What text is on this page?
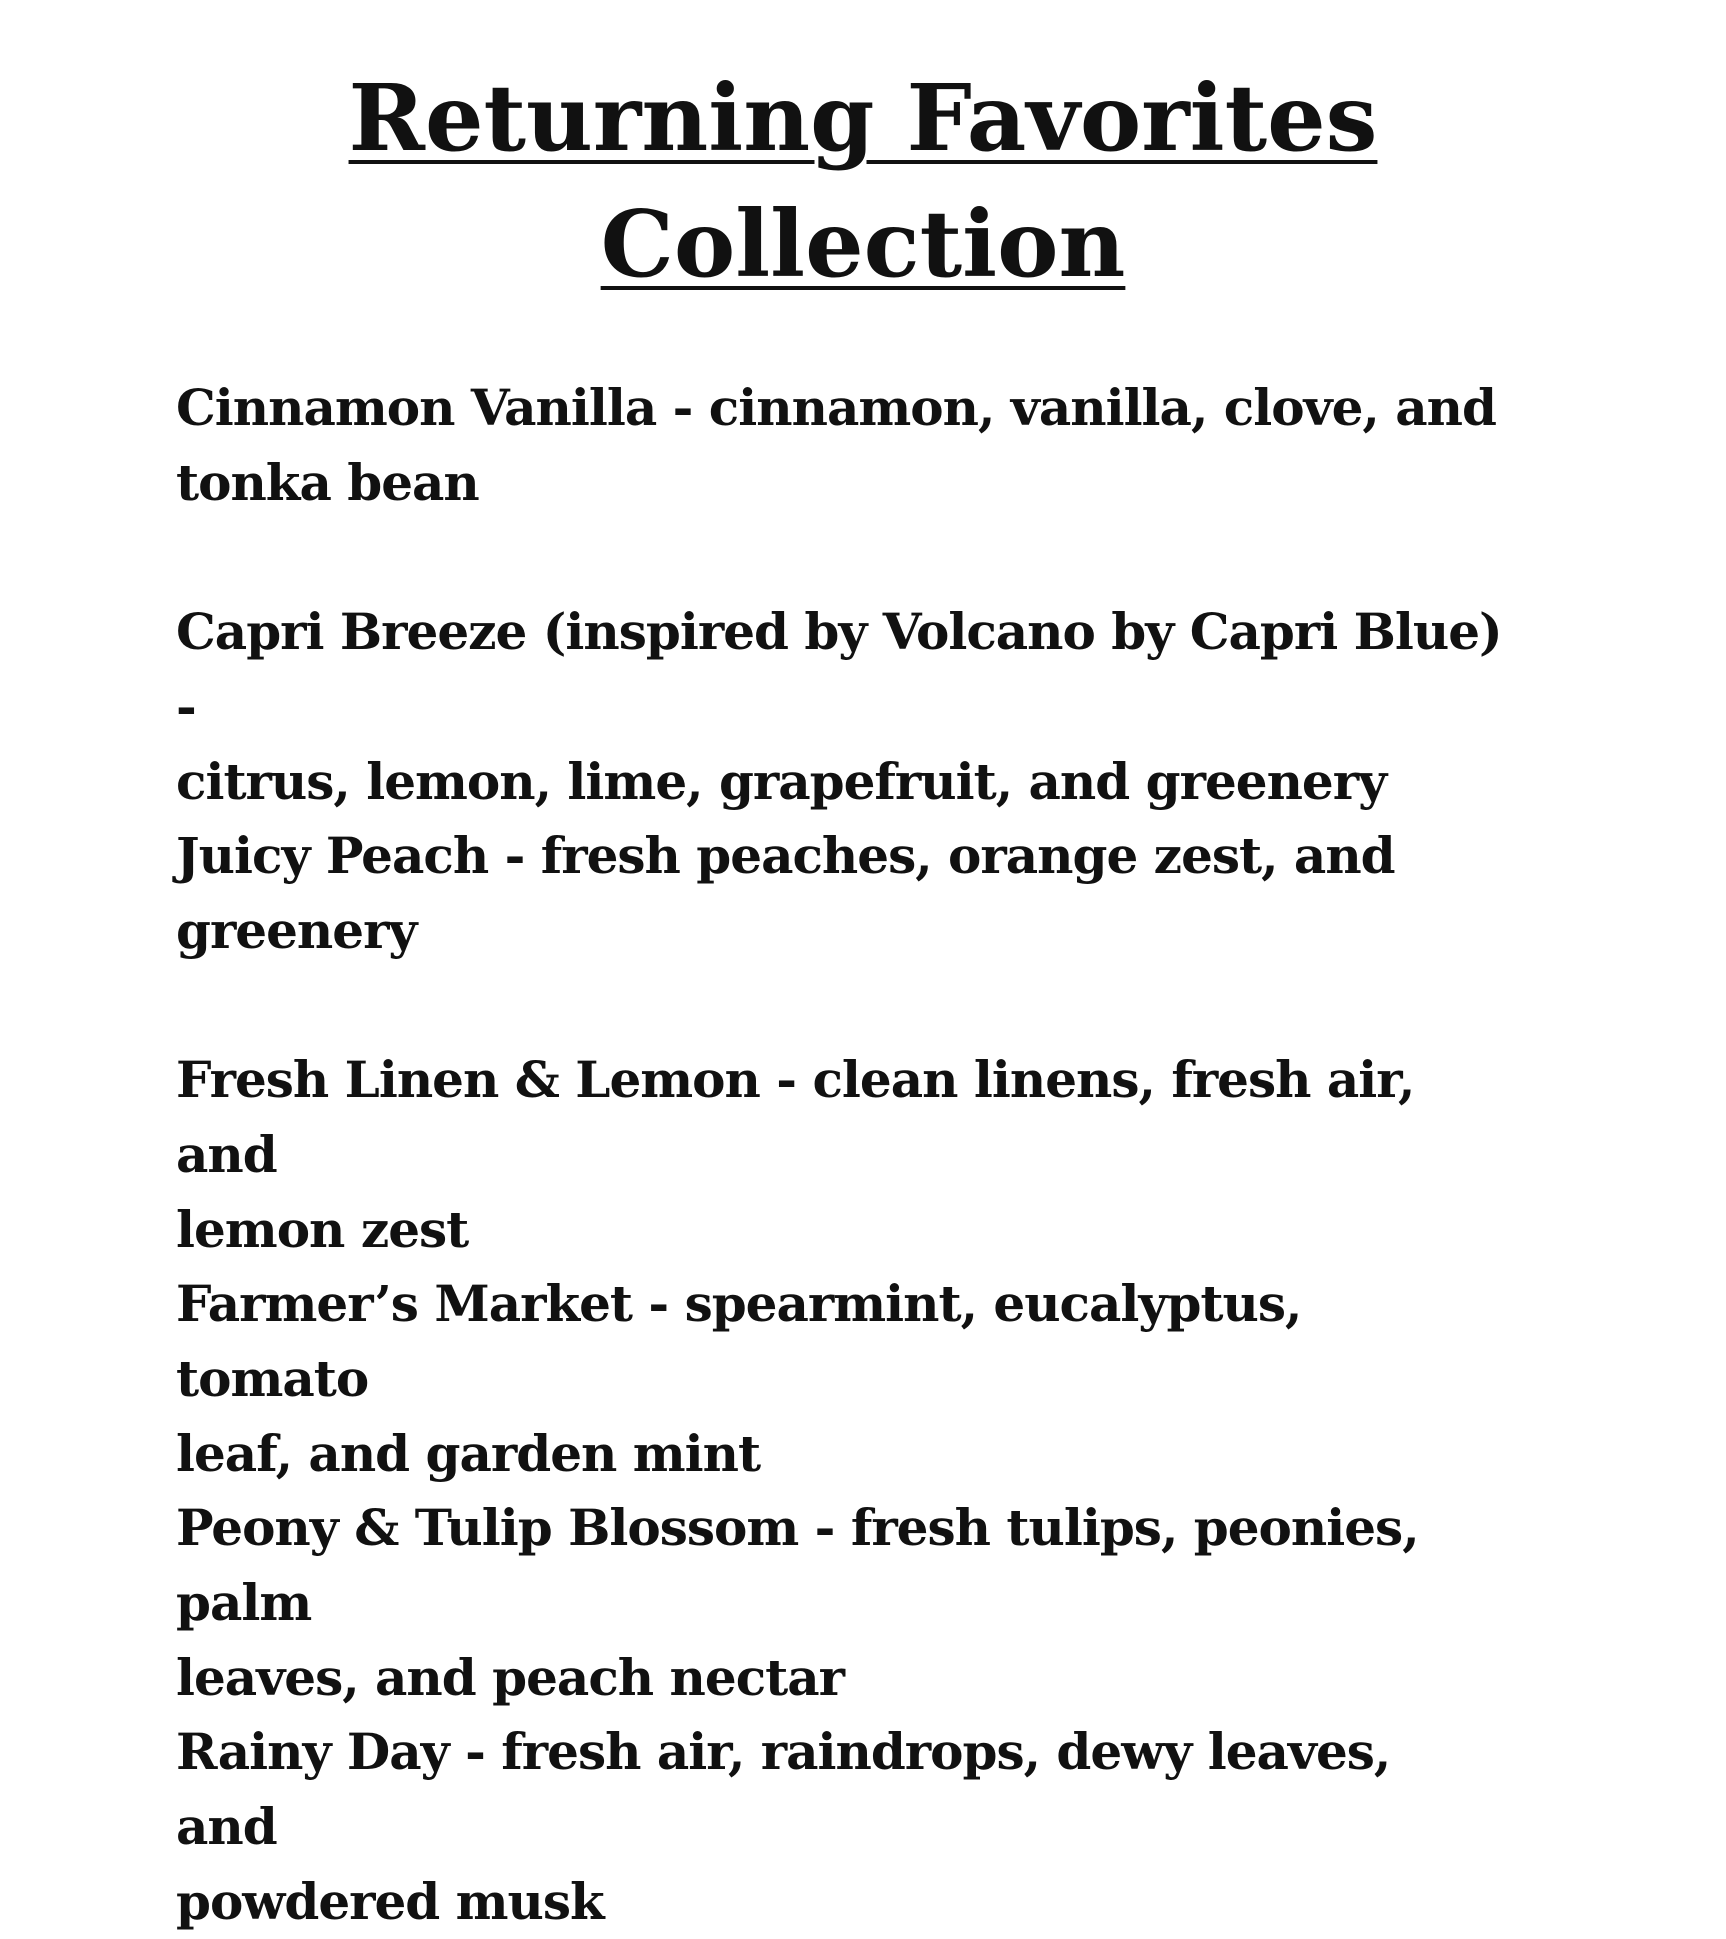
Returning Favorites
Collection
Cinnamon Vanilla - cinnamon, vanilla, clove, and
tonka bean
Capri Breeze (inspired by Volcano by Capri Blue) -
citrus, lemon, lime, grapefruit, and greenery
Juicy Peach - fresh peaches, orange zest, and
greenery
Fresh Linen & Lemon - clean linens, fresh air, and
lemon zest
Farmer’s Market - spearmint, eucalyptus, tomato
leaf, and garden mint
Peony & Tulip Blossom - fresh tulips, peonies, palm
leaves, and peach nectar
Rainy Day - fresh air, raindrops, dewy leaves, and
powdered musk
